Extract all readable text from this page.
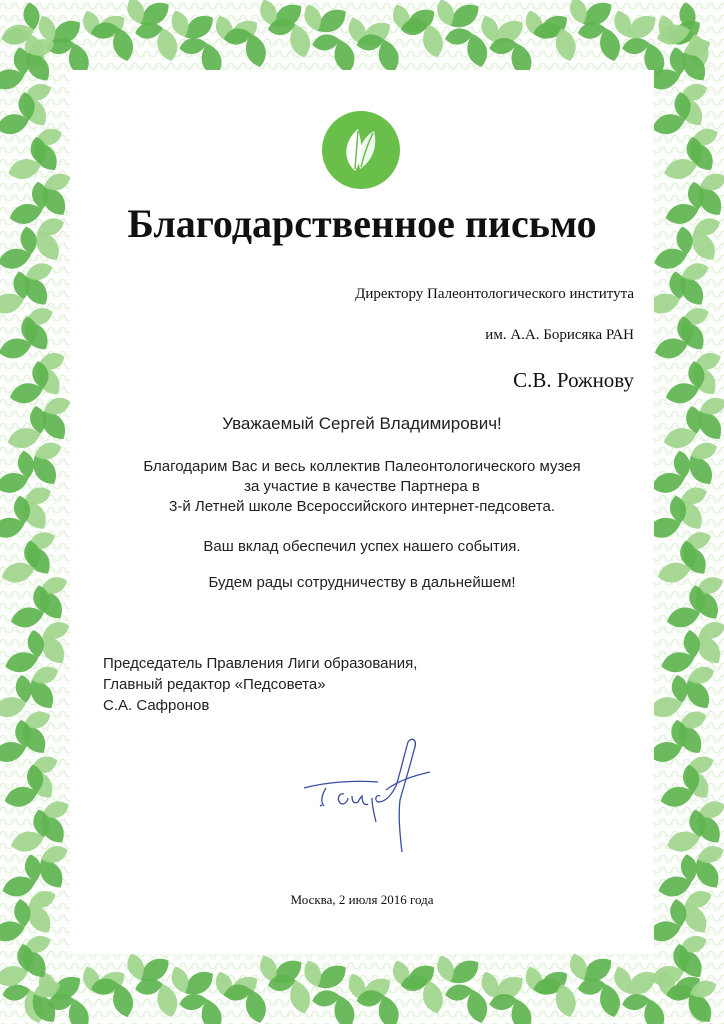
Благодарственное письмо
Директору Палеонтологического института
им. А.А. Борисяка РАН
С.В. Рожнову
Уважаемый Сергей Владимирович!
Благодарим Вас и весь коллектив Палеонтологического музея
за участие в качестве Партнера в
3-й Летней школе Всероссийского интернет-педсовета.
Ваш вклад обеспечил успех нашего события.
Будем рады сотрудничеству в дальнейшем!
Председатель Правления Лиги образования,
Главный редактор «Педсовета»
С.А. Сафронов
Москва, 2 июля 2016 года
